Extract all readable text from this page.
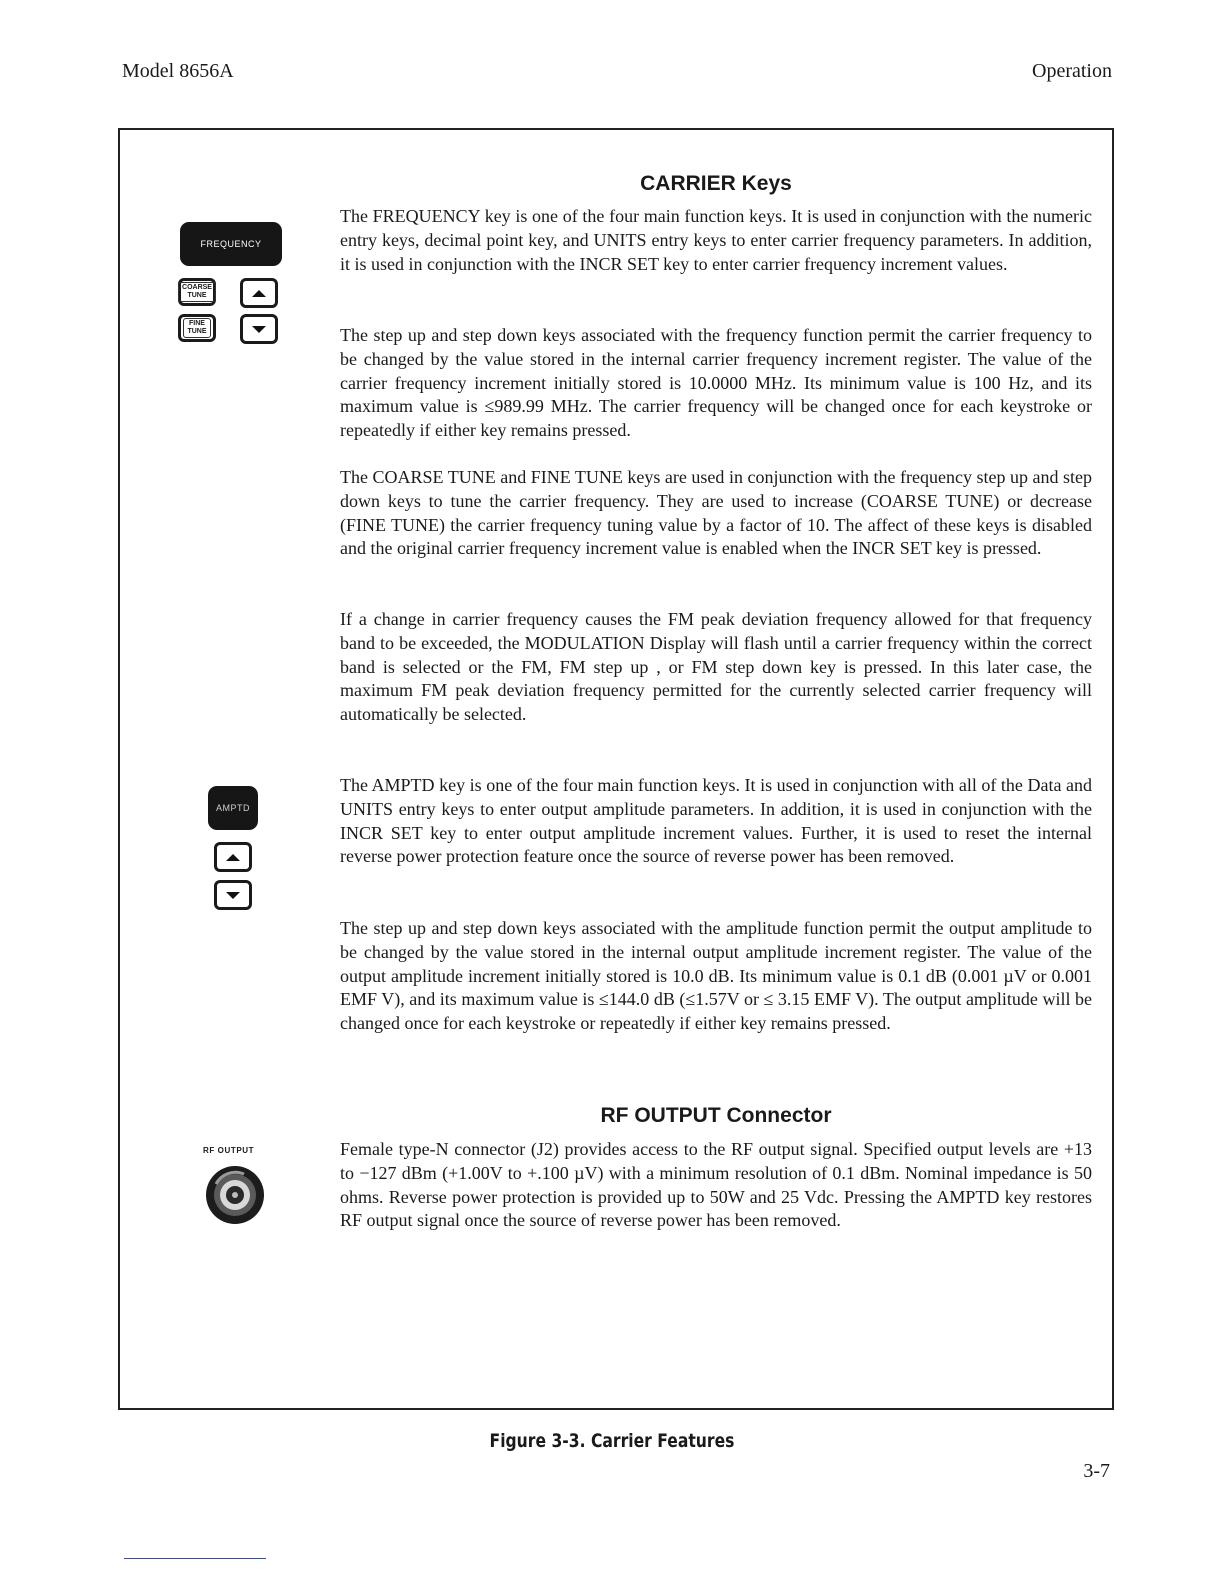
Model 8656A	Operation
FREQUENCY
COARSE
TUNE
FINE
TUNE
AMPTD
RF OUTPUT
CARRIER Keys
RF OUTPUT Connector

The FREQUENCY key is one of the four main function keys. It is used in conjunction with the numeric entry keys, decimal point key, and UNITS entry keys to enter carrier frequency parameters. In addition, it is used in conjunction with the INCR SET key to enter carrier frequency increment values.

The step up and step down keys associated with the frequency function permit the carrier frequency to be changed by the value stored in the internal carrier frequency increment register. The value of the carrier frequency increment initially stored is 10.0000 MHz. Its minimum value is 100 Hz, and its maximum value is ≤989.99 MHz. The carrier frequency will be changed once for each keystroke or repeatedly if either key remains pressed.

The COARSE TUNE and FINE TUNE keys are used in conjunction with the frequency step up and step down keys to tune the carrier frequency. They are used to increase (COARSE TUNE) or decrease (FINE TUNE) the carrier frequency tuning value by a factor of 10. The affect of these keys is disabled and the original carrier frequency increment value is enabled when the INCR SET key is pressed.

If a change in carrier frequency causes the FM peak deviation frequency allowed for that frequency band to be exceeded, the MODULATION Display will flash until a carrier frequency within the correct band is selected or the FM, FM step up , or FM step down key is pressed. In this later case, the maximum FM peak deviation frequency permitted for the currently selected carrier frequency will automatically be selected.

The AMPTD key is one of the four main function keys. It is used in conjunction with all of the Data and UNITS entry keys to enter output amplitude parameters. In addition, it is used in conjunction with the INCR SET key to enter output amplitude increment values. Further, it is used to reset the internal reverse power protection feature once the source of reverse power has been removed.

The step up and step down keys associated with the amplitude function permit the output amplitude to be changed by the value stored in the internal output amplitude increment register. The value of the output amplitude increment initially stored is 10.0 dB. Its minimum value is 0.1 dB (0.001 µV or 0.001 EMF V), and its maximum value is ≤144.0 dB (≤1.57V or ≤ 3.15 EMF V). The output amplitude will be changed once for each keystroke or repeatedly if either key remains pressed.

Female type-N connector (J2) provides access to the RF output signal. Specified output levels are +13 to −127 dBm (+1.00V to +.100 µV) with a minimum resolution of 0.1 dBm. Nominal impedance is 50 ohms. Reverse power protection is provided up to 50W and 25 Vdc. Pressing the AMPTD key restores RF output signal once the source of reverse power has been removed.

Figure 3-3. Carrier Features
3-7
